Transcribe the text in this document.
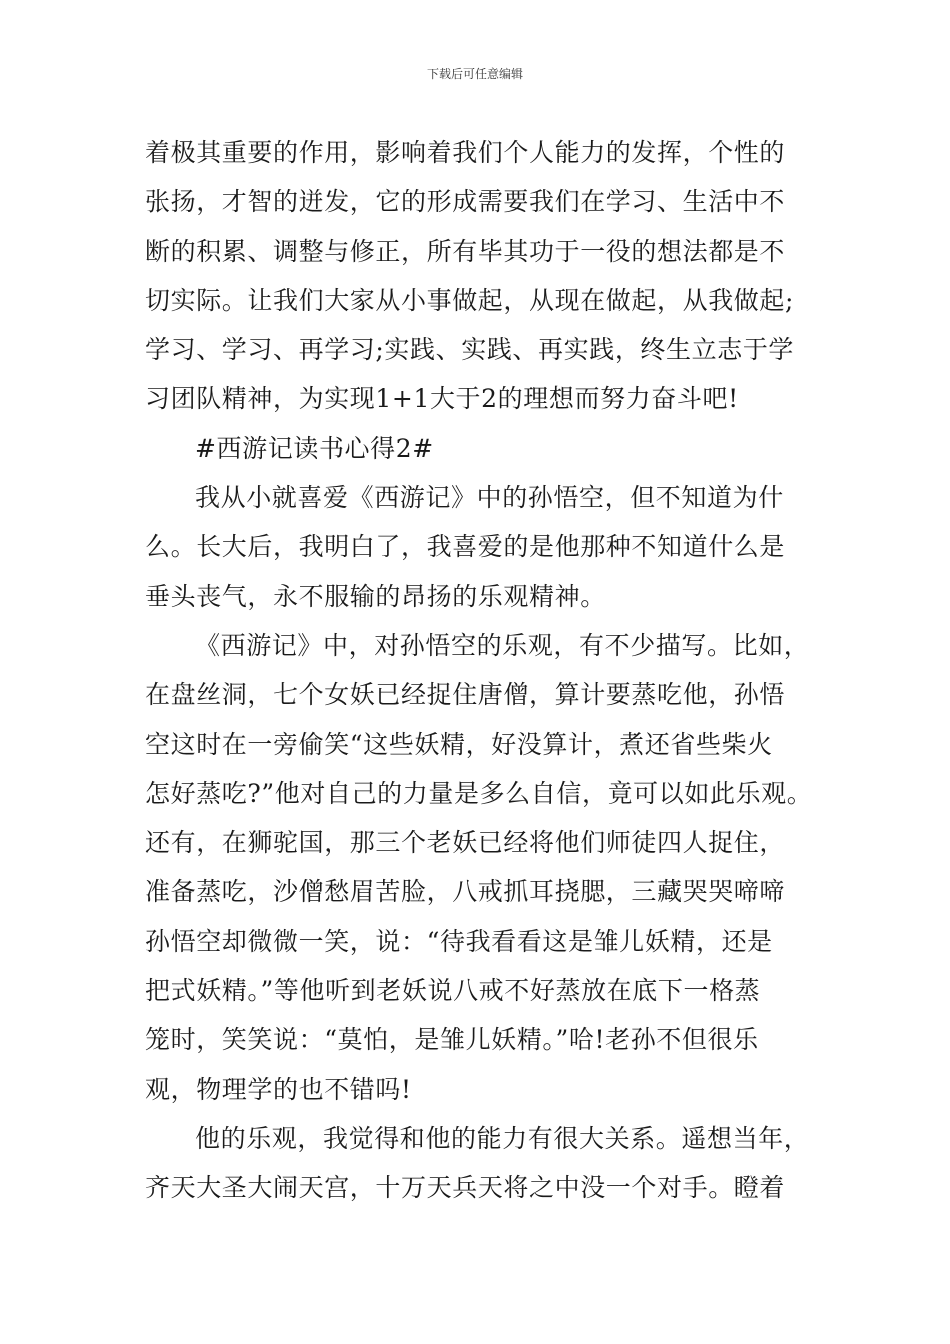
下载后可任意编辑
着极其重要的作用，影响着我们个人能力的发挥，个性的
张扬，才智的迸发，它的形成需要我们在学习、生活中不
断的积累、调整与修正，所有毕其功于一役的想法都是不
切实际。让我们大家从小事做起，从现在做起，从我做起;
学习、学习、再学习;实践、实践、再实践，终生立志于学
习团队精神，为实现1+1大于2的理想而努力奋斗吧!
#西游记读书心得2#
我从小就喜爱《西游记》中的孙悟空，但不知道为什
么。长大后，我明白了，我喜爱的是他那种不知道什么是
垂头丧气，永不服输的昂扬的乐观精神。
《西游记》中，对孙悟空的乐观，有不少描写。比如，
在盘丝洞，七个女妖已经捉住唐僧，算计要蒸吃他，孙悟
空这时在一旁偷笑“这些妖精，好没算计，煮还省些柴火
怎好蒸吃?”他对自己的力量是多么自信，竟可以如此乐观。
还有，在狮驼国，那三个老妖已经将他们师徒四人捉住，
准备蒸吃，沙僧愁眉苦脸，八戒抓耳挠腮，三藏哭哭啼啼
孙悟空却微微一笑，说：“待我看看这是雏儿妖精，还是
把式妖精。”等他听到老妖说八戒不好蒸放在底下一格蒸
笼时，笑笑说：“莫怕，是雏儿妖精。”哈!老孙不但很乐
观，物理学的也不错吗!
他的乐观，我觉得和他的能力有很大关系。遥想当年，
齐天大圣大闹天宫，十万天兵天将之中没一个对手。瞪着
